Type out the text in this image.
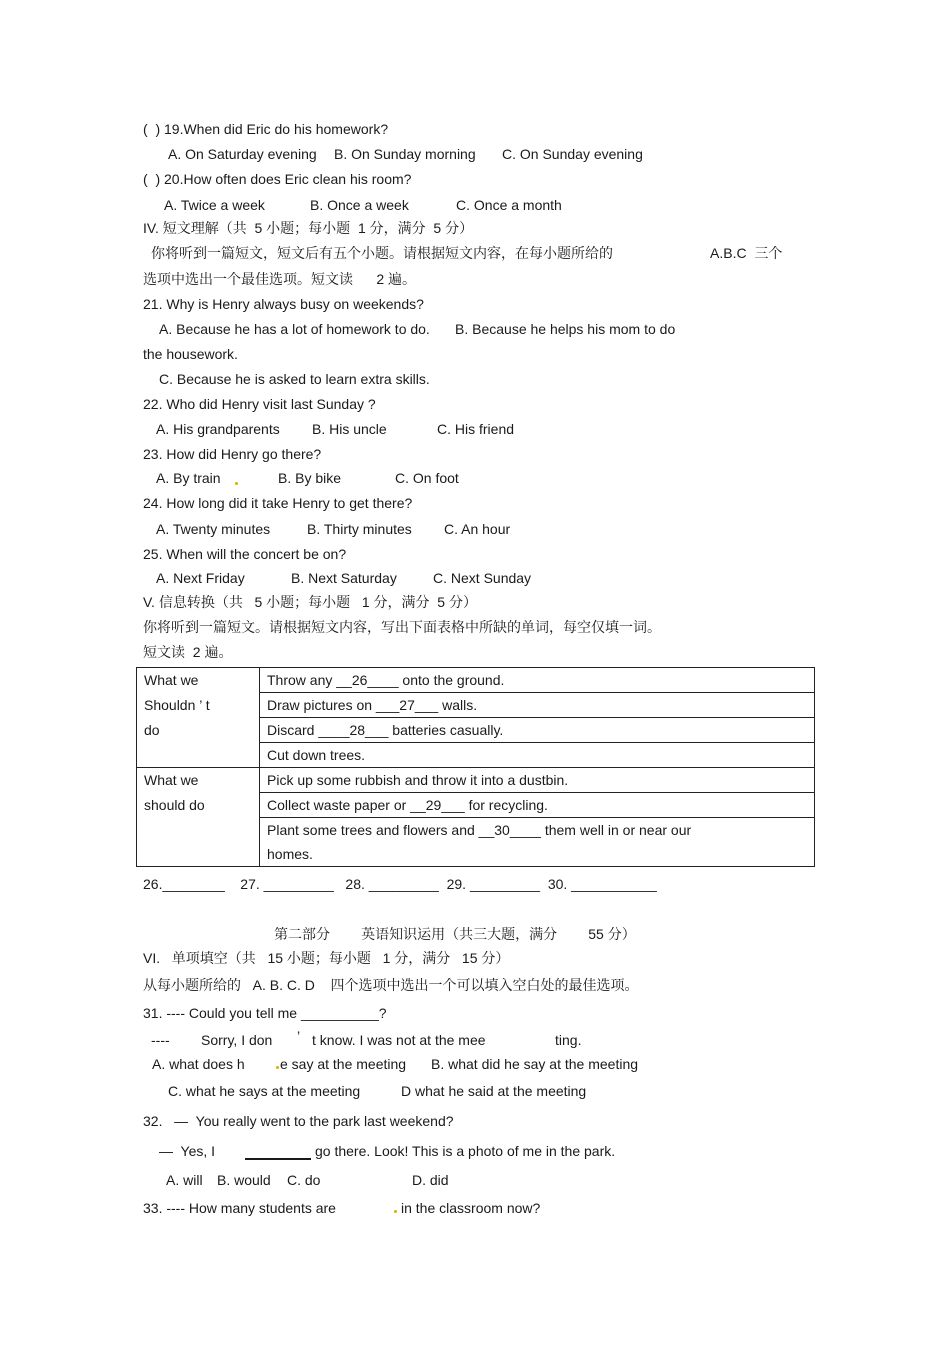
(  ) 19.When did Eric do his homework?
A. On Saturday evening B. On Sunday morning C. On Sunday evening
(  ) 20.How often does Eric clean his room?
A. Twice a week	B. Once a week	C. Once a month
IV. 短文理解（共  5 小题；每小题  1 分，满分  5 分）
你将听到一篇短文，短文后有五个小题。请根据短文内容，在每小题所给的	A.B.C  三个
选项中选出一个最佳选项。短文读      2 遍。
21. Why is Henry always busy on weekends?
A. Because he has a lot of homework to do. B. Because he helps his mom to do
the housework.
C. Because he is asked to learn extra skills.
22. Who did Henry visit last Sunday ?
A. His grandparents B. His uncle	C. His friend
23. How did Henry go there?
A. By train	B. By bike	C. On foot
24. How long did it take Henry to get there?
A. Twenty minutes	B. Thirty minutes C. An hour
25. When will the concert be on?
A. Next Friday	B. Next Saturday	C. Next Sunday
V. 信息转换（共   5 小题；每小题   1 分，满分  5 分）
你将听到一篇短文。请根据短文内容，写出下面表格中所缺的单词，每空仅填一词。
短文读  2 遍。
What we
Shouldn ’ t
do	Throw any __26____ onto the ground.
	Draw pictures on ___27___ walls.
	Discard ____28___ batteries casually.
	Cut down trees.

What we
should do	Pick up some rubbish and throw it into a dustbin.
	Collect waste paper or __29___ for recycling.

	Plant some trees and flowers and __30____ them well in or near our
homes.
26.________    27. _________   28. _________  29. _________  30. ___________
第二部分        英语知识运用（共三大题，满分        55 分）
VI.   单项填空（共   15 小题；每小题   1 分，满分   15 分）
从每小题所给的   A. B. C. D    四个选项中选出一个可以填入空白处的最佳选项。
31. ---- Could you tell me __________?
---- Sorry, I don ’ t know. I was not at the mee	ting.
A. what does h	e say at the meeting B. what did he say at the meeting
C. what he says at the meeting	D what he said at the meeting
32.   —  You really went to the park last weekend?
—  Yes, I	go there. Look! This is a photo of me in the park.
A. will B. would C. do	D. did
33. ---- How many students are	in the classroom now?
